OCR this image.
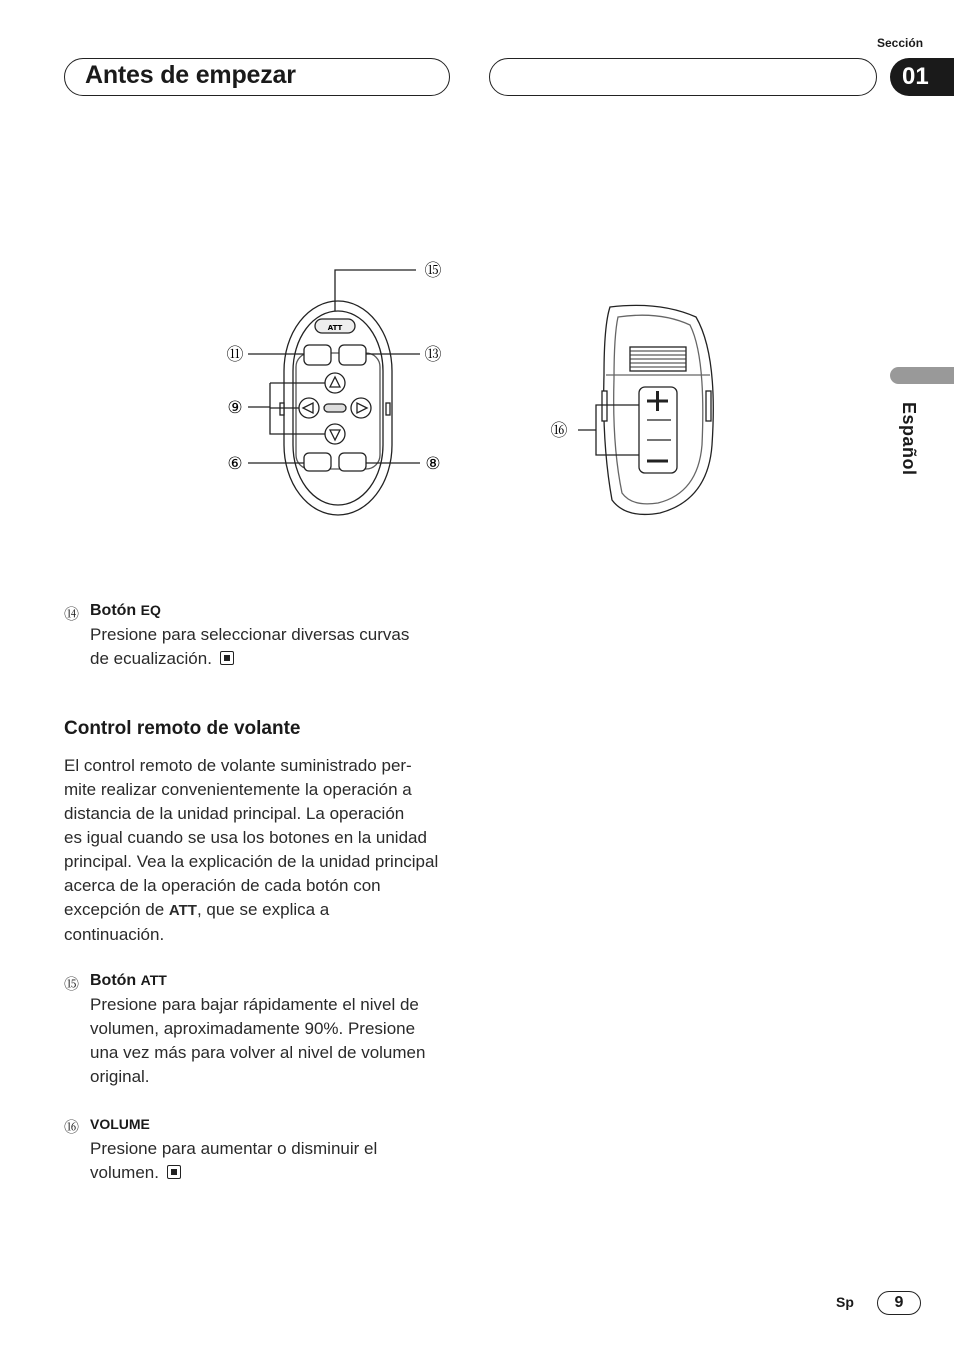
Sección
Antes de empezar	01
Español
ATT
⑮
⑪	⑬
⑨
⑥	⑧
⑯
⑭ Botón EQ
Presione para seleccionar diversas curvas
de ecualización.
Control remoto de volante
El control remoto de volante suministrado per-
mite realizar convenientemente la operación a
distancia de la unidad principal. La operación
es igual cuando se usa los botones en la unidad
principal. Vea la explicación de la unidad principal
acerca de la operación de cada botón con
excepción de ATT, que se explica a
continuación.
⑮ Botón ATT
Presione para bajar rápidamente el nivel de
volumen, aproximadamente 90%. Presione
una vez más para volver al nivel de volumen
original.
⑯ VOLUME
Presione para aumentar o disminuir el
volumen.
Sp	9
